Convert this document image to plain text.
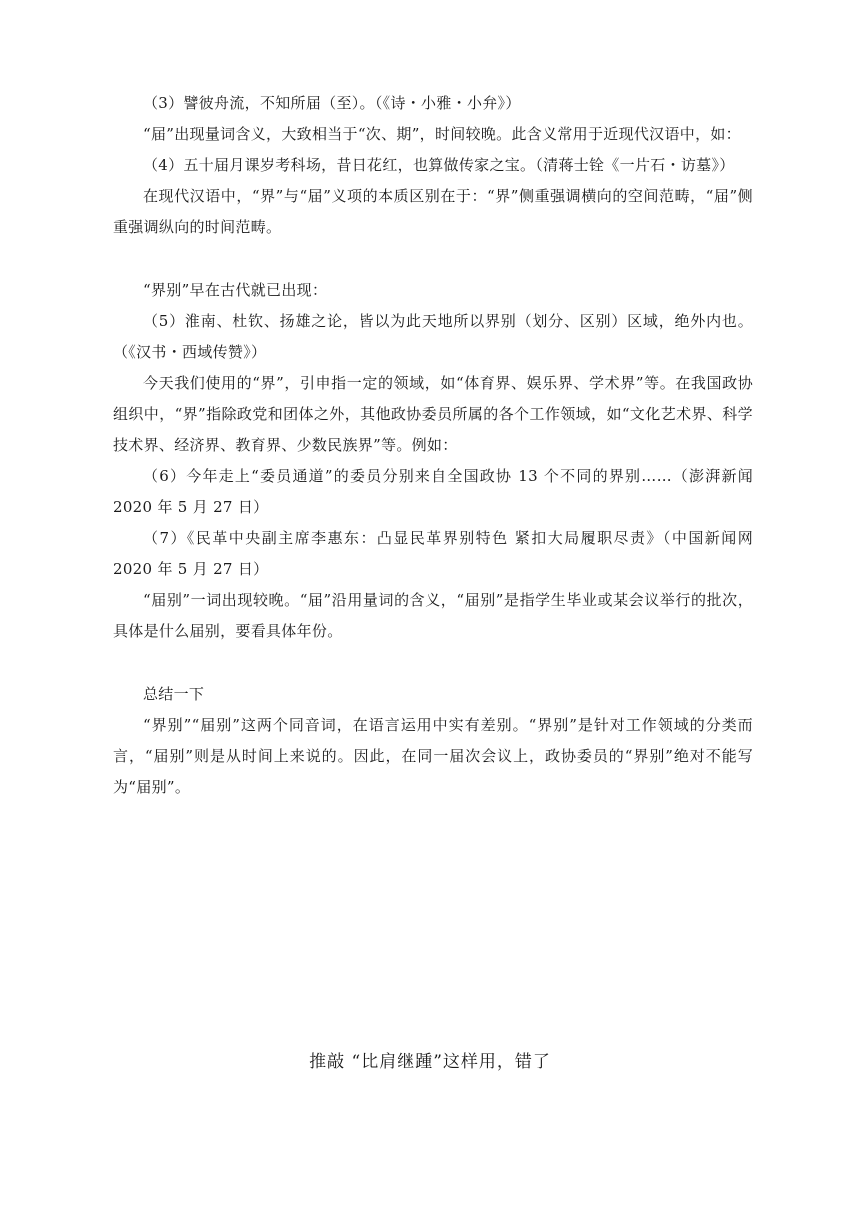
（3）譬彼舟流，不知所届（至）。（《诗・小雅・小弁》）

“届”出现量词含义，大致相当于“次、期”，时间较晚。此含义常用于近现代汉语中，如：

（4）五十届月课岁考科场，昔日花红，也算做传家之宝。（清蒋士铨《一片石・访墓》）

在现代汉语中，“界”与“届”义项的本质区别在于：“界”侧重强调横向的空间范畴，“届”侧重强调纵向的时间范畴。

“界别”早在古代就已出现：

（5）淮南、杜钦、扬雄之论，皆以为此天地所以界别（划分、区别）区域，绝外内也。（《汉书・西域传赞》）

今天我们使用的“界”，引申指一定的领域，如“体育界、娱乐界、学术界”等。在我国政协组织中，“界”指除政党和团体之外，其他政协委员所属的各个工作领域，如“文化艺术界、科学技术界、经济界、教育界、少数民族界”等。例如：

（6）今年走上“委员通道”的委员分别来自全国政协 13 个不同的界别……（澎湃新闻 2020 年 5 月 27 日）

（7）《民革中央副主席李惠东：凸显民革界别特色 紧扣大局履职尽责》（中国新闻网 2020 年 5 月 27 日）

“届别”一词出现较晚。“届”沿用量词的含义，“届别”是指学生毕业或某会议举行的批次，具体是什么届别，要看具体年份。

总结一下

“界别”“届别”这两个同音词，在语言运用中实有差别。“界别”是针对工作领域的分类而言，“届别”则是从时间上来说的。因此，在同一届次会议上，政协委员的“界别”绝对不能写为“届别”。

推敲 “比肩继踵”这样用，错了
